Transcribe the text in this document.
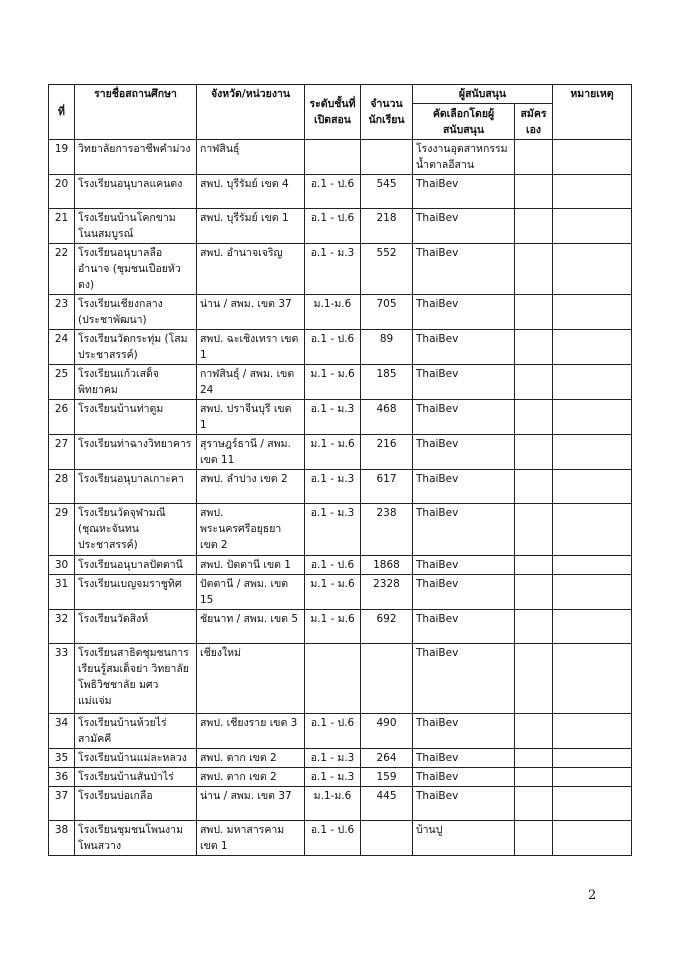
ที่	รายชื่อสถานศึกษา	จังหวัด/หน่วยงาน	ระดับชั้นที่เปิดสอน	จำนวนนักเรียน	ผู้สนับสนุน		หมายเหตุ
					คัดเลือกโดยผู้สนับสนุน	สมัครเอง	
19	วิทยาลัยการอาชีพคำม่วง	กาฬสินธุ์			โรงงานอุตสาหกรรมน้ำตาลอีสาน		
20	โรงเรียนอนุบาลแคนดง	สพป. บุรีรัมย์ เขต 4	อ.1 - ป.6	545	ThaiBev		
21	โรงเรียนบ้านโคกขามโนนสมบูรณ์	สพป. บุรีรัมย์ เขต 1	อ.1 - ป.6	218	ThaiBev		
22	โรงเรียนอนุบาลลืออำนาจ (ชุมชนเปือยหัวดง)	สพป. อำนาจเจริญ	อ.1 - ม.3	552	ThaiBev		
23	โรงเรียนเชียงกลาง (ประชาพัฒนา)	น่าน / สพม. เขต 37	ม.1-ม.6	705	ThaiBev		
24	โรงเรียนวัดกระทุ่ม (โสมประชาสรรค์)	สพป. ฉะเชิงเทรา เขต 1	อ.1 - ป.6	89	ThaiBev		
25	โรงเรียนแก้วเสด็จพิทยาคม	กาฬสินธุ์ / สพม. เขต 24	ม.1 - ม.6	185	ThaiBev		
26	โรงเรียนบ้านท่าตูม	สพป. ปราจีนบุรี เขต 1	อ.1 - ม.3	468	ThaiBev		
27	โรงเรียนท่าฉางวิทยาคาร	สุราษฎร์ธานี / สพม. เขต 11	ม.1 - ม.6	216	ThaiBev		
28	โรงเรียนอนุบาลเกาะคา	สพป. ลำปาง เขต 2	อ.1 - ม.3	617	ThaiBev		
29	โรงเรียนวัดจุฬามณี (ชุณหะจันทนประชาสรรค์)	สพป. พระนครศรีอยุธยา เขต 2	อ.1 - ม.3	238	ThaiBev		
30	โรงเรียนอนุบาลปัตตานี	สพป. ปัตตานี เขต 1	อ.1 - ป.6	1868	ThaiBev		
31	โรงเรียนเบญจมราชูทิศ	ปัตตานี / สพม. เขต 15	ม.1 - ม.6	2328	ThaiBev		
32	โรงเรียนวัดสิงห์	ชัยนาท / สพม. เขต 5	ม.1 - ม.6	692	ThaiBev		
33	โรงเรียนสาธิตชุมชนการเรียนรู้สมเด็จย่า วิทยาลัยโพธิวิชชาลัย มศว แม่แจ่ม	เชียงใหม่			ThaiBev		
34	โรงเรียนบ้านห้วยไร่สามัคคี	สพป. เชียงราย เขต 3	อ.1 - ป.6	490	ThaiBev		
35	โรงเรียนบ้านแม่ละหลวง	สพป. ตาก เขต 2	อ.1 - ม.3	264	ThaiBev		
36	โรงเรียนบ้านสันป่าไร่	สพป. ตาก เขต 2	อ.1 - ม.3	159	ThaiBev		
37	โรงเรียนบ่อเกลือ	น่าน / สพม. เขต 37	ม.1-ม.6	445	ThaiBev		
38	โรงเรียนชุมชนโพนงามโพนสวาง	สพป. มหาสารคาม เขต 1	อ.1 - ป.6		บ้านปู		
2
